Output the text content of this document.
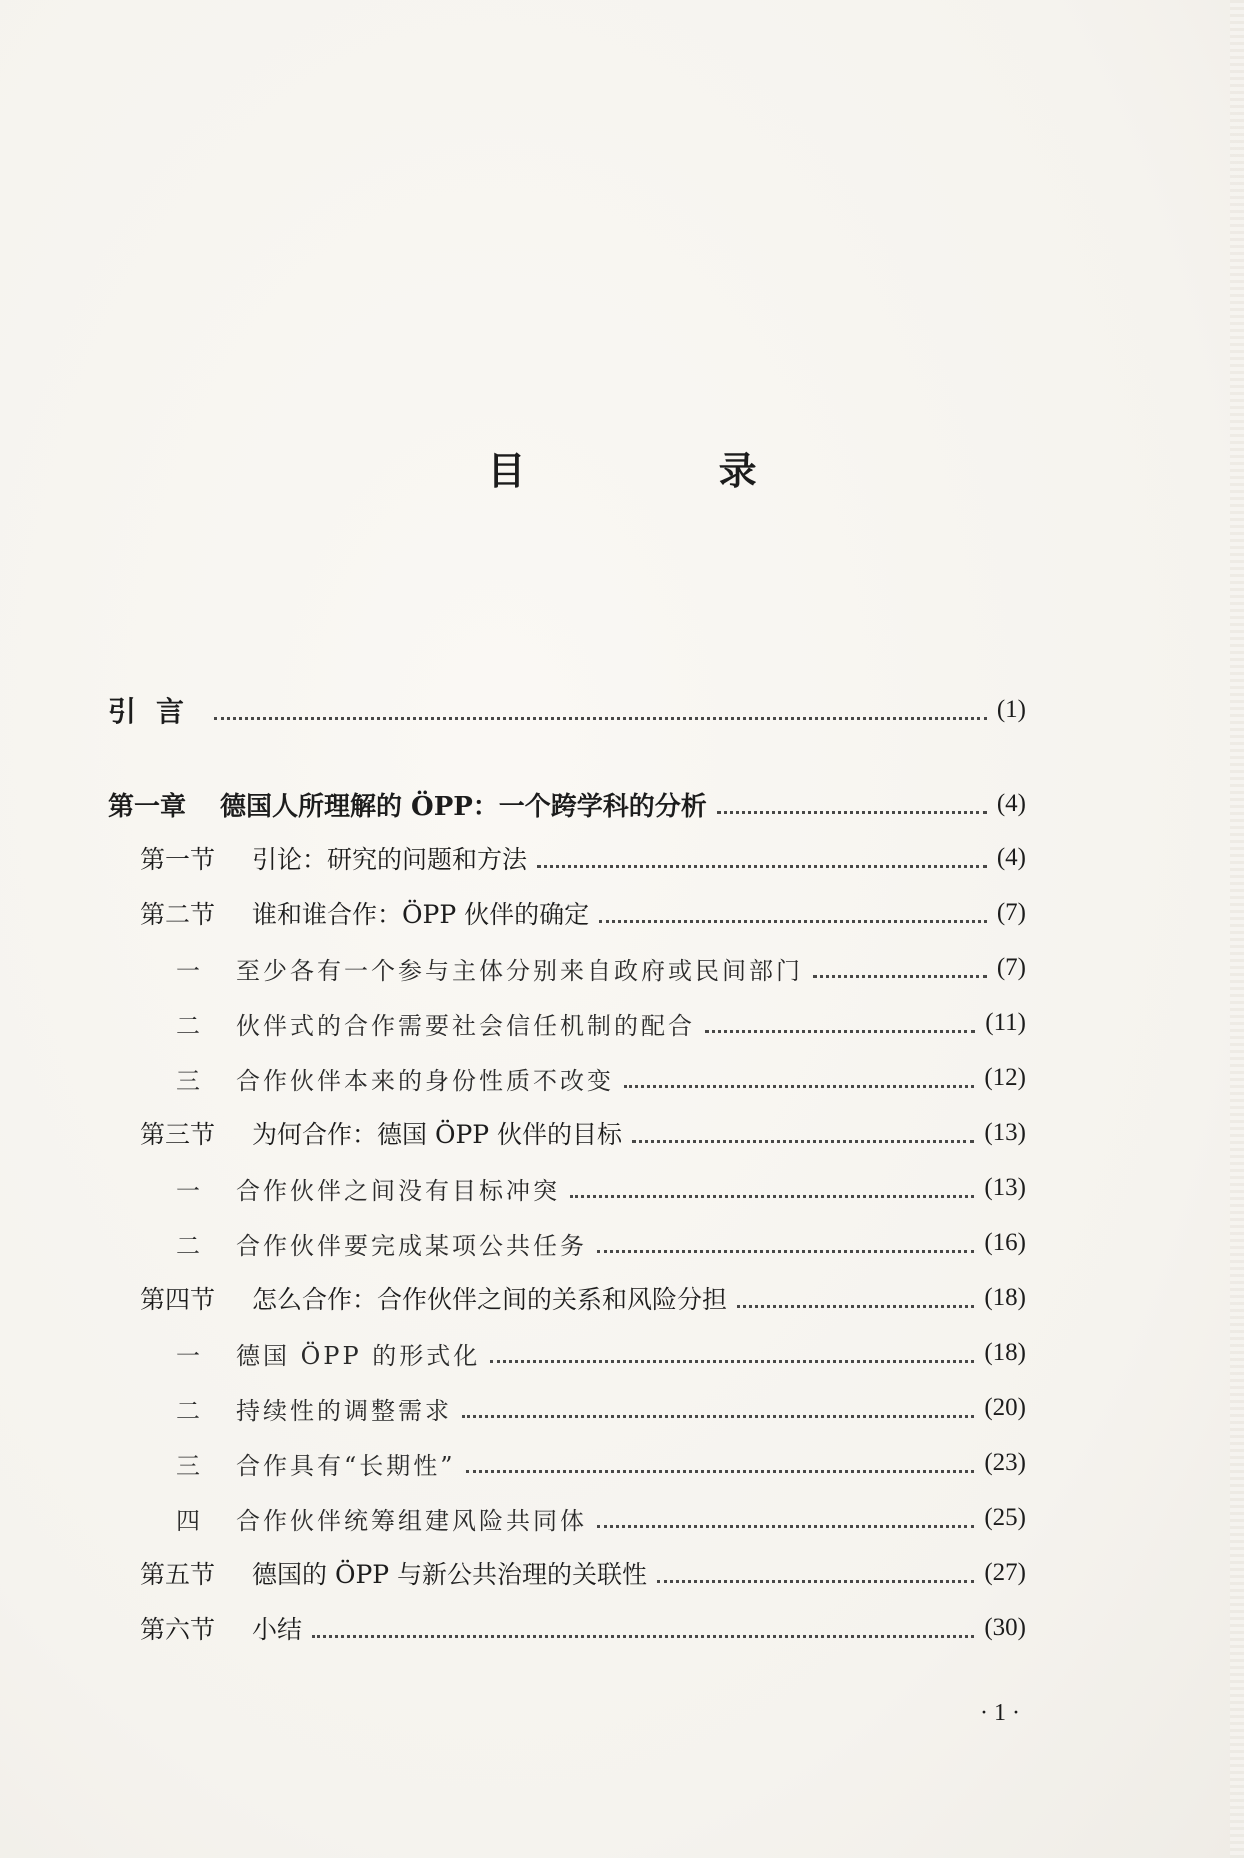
目 录
引言	(1)
第一章 德国人所理解的 ÖPP：一个跨学科的分析	(4)
第一节 引论：研究的问题和方法	(4)
第二节 谁和谁合作：ÖPP 伙伴的确定	(7)
一 至少各有一个参与主体分别来自政府或民间部门	(7)
二 伙伴式的合作需要社会信任机制的配合	(11)
三 合作伙伴本来的身份性质不改变	(12)
第三节 为何合作：德国 ÖPP 伙伴的目标	(13)
一 合作伙伴之间没有目标冲突	(13)
二 合作伙伴要完成某项公共任务	(16)
第四节 怎么合作：合作伙伴之间的关系和风险分担	(18)
一 德国 ÖPP 的形式化	(18)
二 持续性的调整需求	(20)
三 合作具有“长期性”	(23)
四 合作伙伴统筹组建风险共同体	(25)
第五节 德国的 ÖPP 与新公共治理的关联性	(27)
第六节 小结	(30)
· 1 ·
